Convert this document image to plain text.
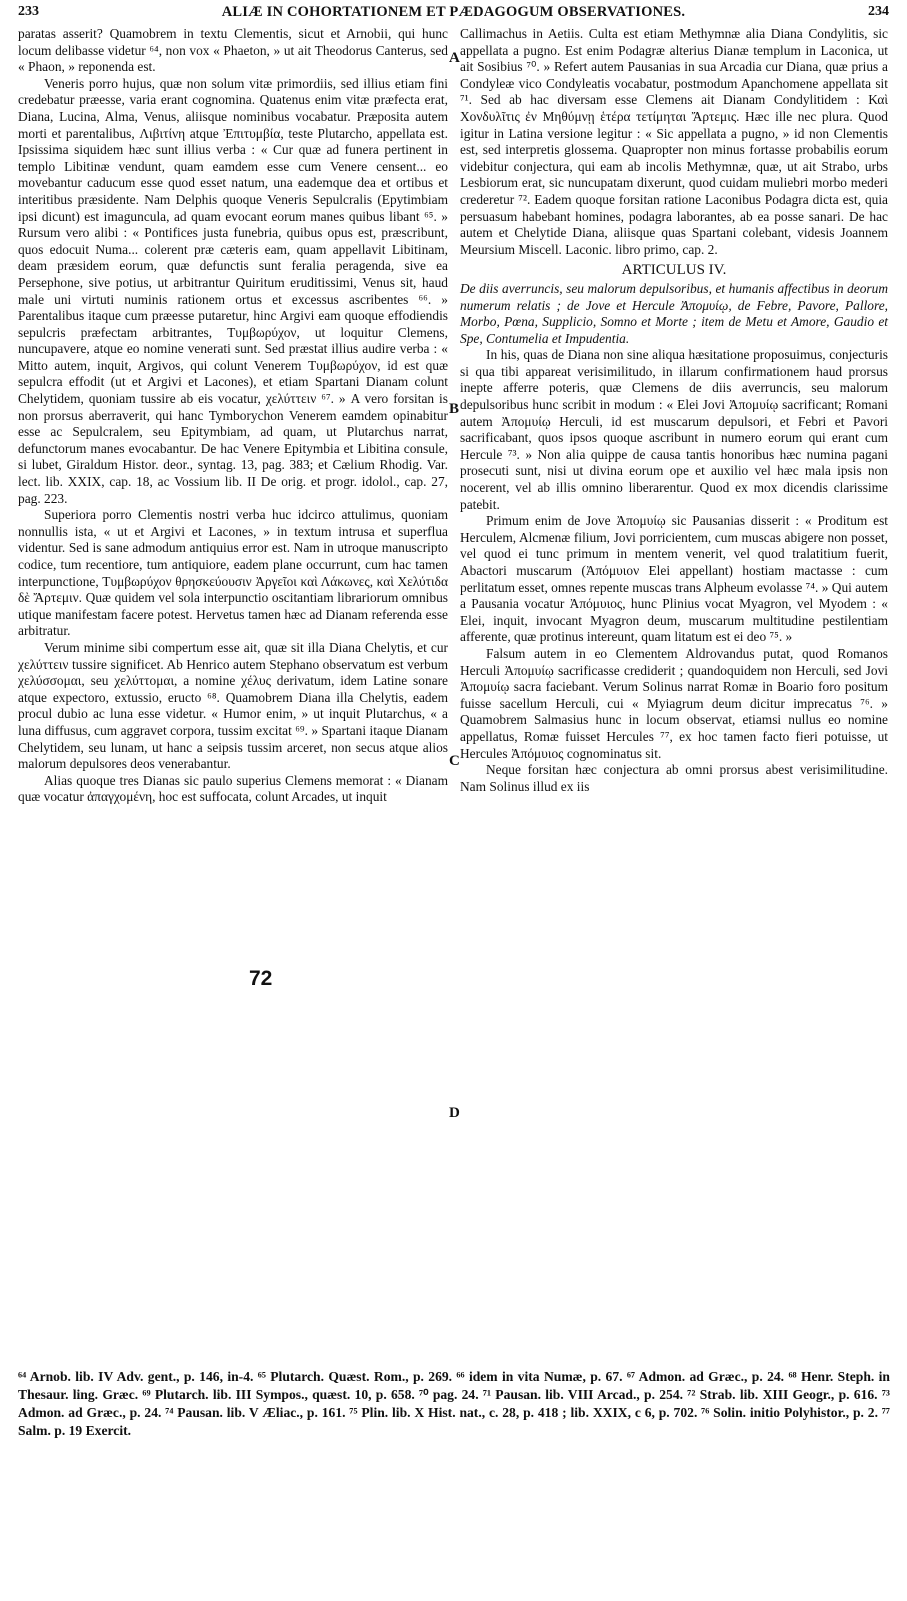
233	ALIÆ IN COHORTATIONEM ET PÆDAGOGUM OBSERVATIONES.	234

paratas asserit? Quamobrem in textu Clementis, sicut et Arnobii, qui hunc locum delibasse videtur ⁶⁴, non vox « Phaeton, » ut ait Theodorus Canterus, sed « Phaon, » reponenda est.

Veneris porro hujus, quæ non solum vitæ primordiis, sed illius etiam fini credebatur præesse, varia erant cognomina. Quatenus enim vitæ præfecta erat, Diana, Lucina, Alma, Venus, aliisque nominibus vocabatur. Præposita autem morti et parentalibus, Λιβιτίνη atque Ἐπιτυμβία, teste Plutarcho, appellata est. Ipsissima siquidem hæc sunt illius verba : « Cur quæ ad funera pertinent in templo Libitinæ vendunt, quam eamdem esse cum Venere censent... eo movebantur caducum esse quod esset natum, una eademque dea et ortibus et interitibus præsidente. Nam Delphis quoque Veneris Sepulcralis (Epytimbiam ipsi dicunt) est imaguncula, ad quam evocant eorum manes quibus libant ⁶⁵. » Rursum vero alibi : « Pontifices justa funebria, quibus opus est, præscribunt, quos edocuit Numa... colerent præ cæteris eam, quam appellavit Libitinam, deam præsidem eorum, quæ defunctis sunt feralia peragenda, sive ea Persephone, sive potius, ut arbitrantur Quiritum eruditissimi, Venus sit, haud male uni virtuti numinis rationem ortus et excessus ascribentes ⁶⁶. » Parentalibus itaque cum præesse putaretur, hinc Argivi eam quoque effodiendis sepulcris præfectam arbitrantes, Τυμβωρύχον, ut loquitur Clemens, nuncupavere, atque eo nomine venerati sunt. Sed præstat illius audire verba : « Mitto autem, inquit, Argivos, qui colunt Venerem Τυμβωρύχον, id est quæ sepulcra effodit (ut et Argivi et Lacones), et etiam Spartani Dianam colunt Chelytidem, quoniam tussire ab eis vocatur, χελύττειν ⁶⁷. » A vero forsitan is non prorsus aberraverit, qui hanc Tymborychon Venerem eamdem opinabitur esse ac Sepulcralem, seu Epitymbiam, ad quam, ut Plutarchus narrat, defunctorum manes evocabantur. De hac Venere Epitymbia et Libitina consule, si lubet, Giraldum Histor. deor., syntag. 13, pag. 383; et Cælium Rhodig. Var. lect. lib. XXIX, cap. 18, ac Vossium lib. II De orig. et progr. idolol., cap. 27, pag. 223.

Superiora porro Clementis nostri verba huc idcirco attulimus, quoniam nonnullis ista, « ut et Argivi et Lacones, » in textum intrusa et superflua videntur. Sed is sane admodum antiquius error est. Nam in utroque manuscripto codice, tum recentiore, tum antiquiore, eadem plane occurrunt, cum hac tamen interpunctione, Τυμβωρύχον θρησκεύουσιν Ἀργεῖοι καὶ Λάκωνες, καὶ Χελύτιδα δὲ Ἄρτεμιν. Quæ quidem vel sola interpunctio oscitantiam librariorum omnibus utique manifestam facere potest. Hervetus tamen hæc ad Dianam referenda esse arbitratur.

Verum minime sibi compertum esse ait, quæ sit illa Diana Chelytis, et cur χελύττειν tussire significet. Ab Henrico autem Stephano observatum est verbum χελύσσομαι, seu χελύττομαι, a nomine χέλυς derivatum, idem Latine sonare atque expectoro, extussio, eructo ⁶⁸. Quamobrem Diana illa Chelytis, eadem procul dubio ac luna esse videtur. « Humor enim, » ut inquit Plutarchus, « a luna diffusus, cum aggravet corpora, tussim excitat ⁶⁹. » Spartani itaque Dianam Chelytidem, seu lunam, ut hanc a seipsis tussim arceret, non secus atque alios malorum depulsores deos venerabantur.

Alias quoque tres Dianas sic paulo superius Clemens memorat : « Dianam quæ vocatur ἀπαγχομένη, hoc est suffocata, colunt Arcades, ut inquit

Callimachus in Aetiis. Culta est etiam Methymnæ alia Diana Condylitis, sic appellata a pugno. Est enim Podagræ alterius Dianæ templum in Laconica, ut ait Sosibius ⁷⁰. » Refert autem Pausanias in sua Arcadia cur Diana, quæ prius a Condyleæ vico Condyleatis vocabatur, postmodum Apanchomene appellata sit ⁷¹. Sed ab hac diversam esse Clemens ait Dianam Condylitidem : Καὶ Χονδυλῖτις ἐν Μηθύμνῃ ἑτέρα τετίμηται Ἄρτεμις. Hæc ille nec plura. Quod igitur in Latina versione legitur : « Sic appellata a pugno, » id non Clementis est, sed interpretis glossema. Quapropter non minus fortasse probabilis eorum videbitur conjectura, qui eam ab incolis Methymnæ, quæ, ut ait Strabo, urbs Lesbiorum erat, sic nuncupatam dixerunt, quod cuidam muliebri morbo mederi crederetur ⁷². Eadem quoque forsitan ratione Laconibus Podagra dicta est, quia persuasum habebant homines, podagra laborantes, ab ea posse sanari. De hac autem et Chelytide Diana, aliisque quas Spartani colebant, videsis Joannem Meursium Miscell. Laconic. libro primo, cap. 2.

ARTICULUS IV.

De diis averruncis, seu malorum depulsoribus, et humanis affectibus in deorum numerum relatis ; de Jove et Hercule Ἀπομυίῳ, de Febre, Pavore, Pallore, Morbo, Pœna, Supplicio, Somno et Morte ; item de Metu et Amore, Gaudio et Spe, Contumelia et Impudentia.

In his, quas de Diana non sine aliqua hæsitatione proposuimus, conjecturis si qua tibi appareat verisimilitudo, in illarum confirmationem haud prorsus inepte afferre poteris, quæ Clemens de diis averruncis, seu malorum depulsoribus hunc scribit in modum : « Elei Jovi Ἀπομυίῳ sacrificant; Romani autem Ἀπομυίῳ Herculi, id est muscarum depulsori, et Febri et Pavori sacrificabant, quos ipsos quoque ascribunt in numero eorum qui erant cum Hercule ⁷³. » Non alia quippe de causa tantis honoribus hæc numina pagani prosecuti sunt, nisi ut divina eorum ope et auxilio vel hæc mala ipsis non nocerent, vel ab illis omnino liberarentur. Quod ex mox dicendis clarissime patebit.

Primum enim de Jove Ἀπομυίῳ sic Pausanias disserit : « Proditum est Herculem, Alcmenæ filium, Jovi porricientem, cum muscas abigere non posset, vel quod ei tunc primum in mentem venerit, vel quod tralatitium fuerit, Abactori muscarum (Ἀπόμυιον Elei appellant) hostiam mactasse : cum perlitatum esset, omnes repente muscas trans Alpheum evolasse ⁷⁴. » Qui autem a Pausania vocatur Ἀπόμυιος, hunc Plinius vocat Myagron, vel Myodem : « Elei, inquit, invocant Myagron deum, muscarum multitudine pestilentiam afferente, quæ protinus intereunt, quam litatum est ei deo ⁷⁵. »

Falsum autem in eo Clementem Aldrovandus putat, quod Romanos Herculi Ἀπομυίῳ sacrificasse crediderit ; quandoquidem non Herculi, sed Jovi Ἀπομυίῳ sacra faciebant. Verum Solinus narrat Romæ in Boario foro positum fuisse sacellum Herculi, cui « Myiagrum deum dicitur imprecatus ⁷⁶. » Quamobrem Salmasius hunc in locum observat, etiamsi nullus eo nomine appellatus, Romæ fuisset Hercules ⁷⁷, ex hoc tamen facto fieri potuisse, ut Hercules Ἀπόμυιος cognominatus sit.

Neque forsitan hæc conjectura ab omni prorsus abest verisimilitudine. Nam Solinus illud ex iis

A
B
C
D
72
⁶⁴ Arnob. lib. IV Adv. gent., p. 146, in-4. ⁶⁵ Plutarch. Quæst. Rom., p. 269. ⁶⁶ idem in vita Numæ, p. 67. ⁶⁷ Admon. ad Græc., p. 24. ⁶⁸ Henr. Steph. in Thesaur. ling. Græc. ⁶⁹ Plutarch. lib. III Sympos., quæst. 10, p. 658. ⁷⁰ pag. 24. ⁷¹ Pausan. lib. VIII Arcad., p. 254. ⁷² Strab. lib. XIII Geogr., p. 616. ⁷³ Admon. ad Græc., p. 24. ⁷⁴ Pausan. lib. V Æliac., p. 161. ⁷⁵ Plin. lib. X Hist. nat., c. 28, p. 418 ; lib. XXIX, c 6, p. 702. ⁷⁶ Solin. initio Polyhistor., p. 2. ⁷⁷ Salm. p. 19 Exercit.
